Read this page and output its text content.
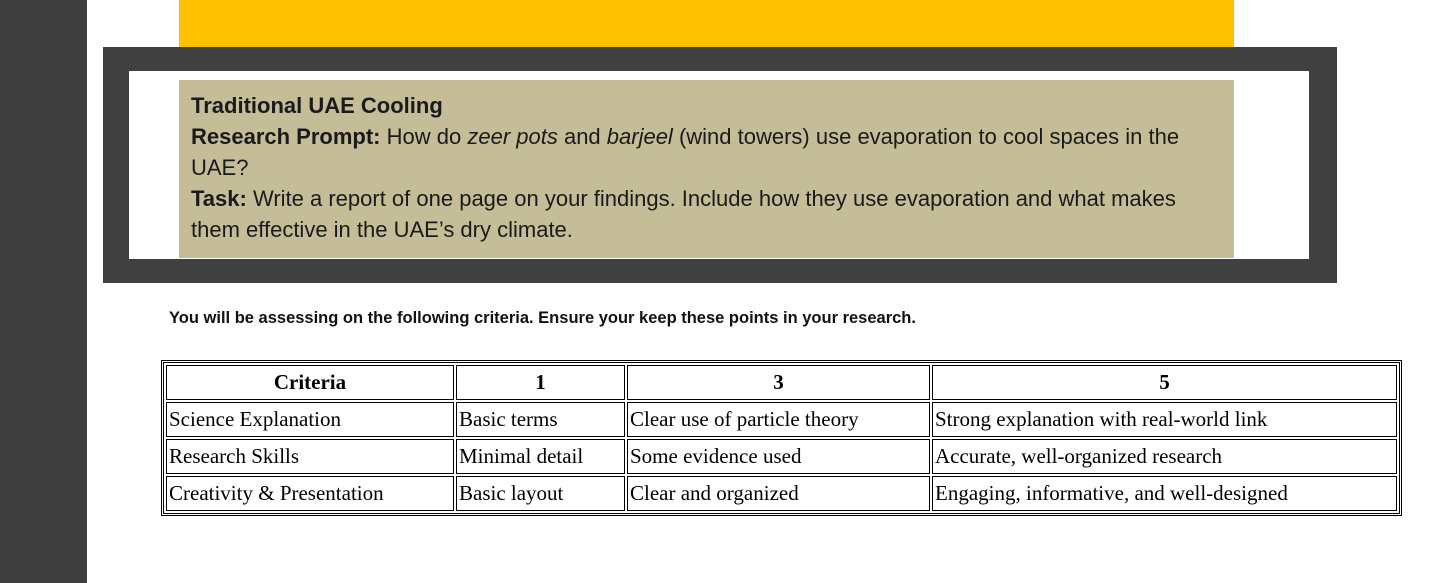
Traditional UAE Cooling

Research Prompt: How do zeer pots and barjeel (wind towers) use evaporation to cool spaces in the UAE?

Task: Write a report of one page on your findings. Include how they use evaporation and what makes them effective in the UAE’s dry climate.

You will be assessing on the following criteria. Ensure your keep these points in your research.
Criteria	1	3	5
Science Explanation	Basic terms	Clear use of particle theory	Strong explanation with real-world link
Research Skills	Minimal detail	Some evidence used	Accurate, well-organized research
Creativity & Presentation	Basic layout	Clear and organized	Engaging, informative, and well-designed
